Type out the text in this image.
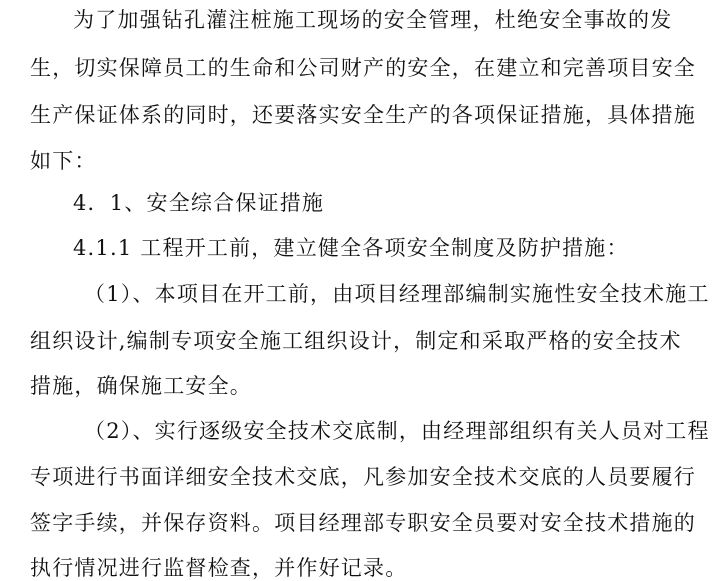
为了加强钻孔灌注桩施工现场的安全管理，杜绝安全事故的发
生，切实保障员工的生命和公司财产的安全，在建立和完善项目安全
生产保证体系的同时，还要落实安全生产的各项保证措施，具体措施
如下：
4．1、安全综合保证措施
4.1.1 工程开工前，建立健全各项安全制度及防护措施：
（1）、本项目在开工前，由项目经理部编制实施性安全技术施工
组织设计,编制专项安全施工组织设计，制定和采取严格的安全技术
措施，确保施工安全。
（2）、实行逐级安全技术交底制，由经理部组织有关人员对工程
专项进行书面详细安全技术交底，凡参加安全技术交底的人员要履行
签字手续，并保存资料。项目经理部专职安全员要对安全技术措施的
执行情况进行监督检查，并作好记录。
